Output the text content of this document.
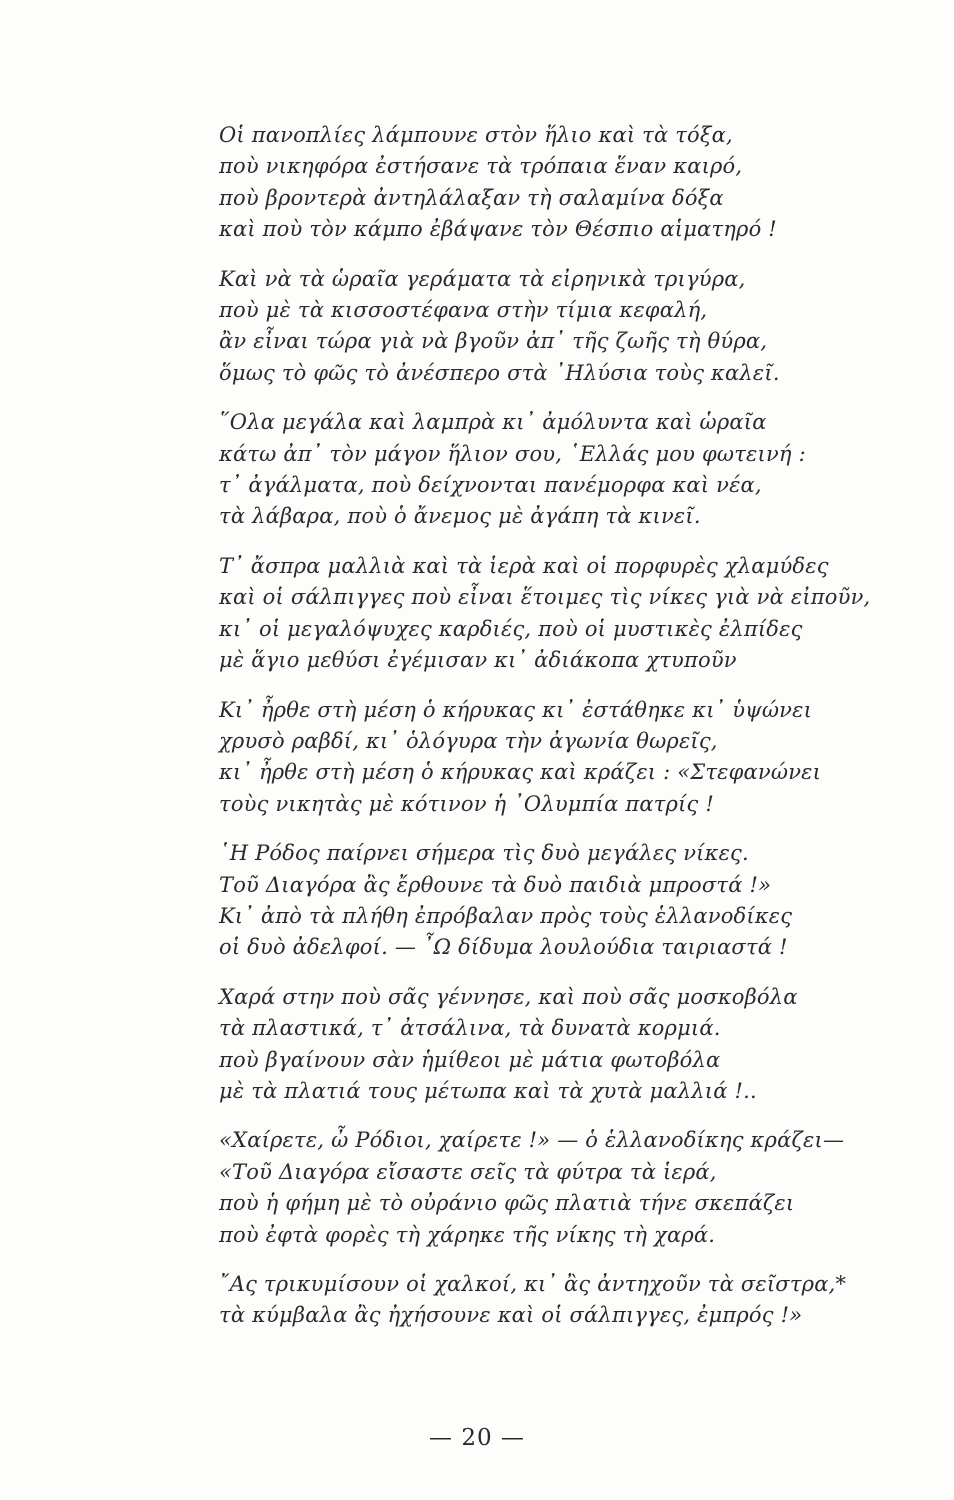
Οἱ πανοπλίες λάμπουνε στὸν ἥλιο καὶ τὰ τόξα,
ποὺ νικηφόρα ἐστήσανε τὰ τρόπαια ἕναν καιρό,
ποὺ βροντερὰ ἀντηλάλαξαν τὴ σαλαμίνα δόξα
καὶ ποὺ τὸν κάμπο ἐβάψανε τὸν Θέσπιο αἱματηρό !
Καὶ νὰ τὰ ὡραῖα γεράματα τὰ εἰρηνικὰ τριγύρα,
ποὺ μὲ τὰ κισσοστέφανα στὴν τίμια κεφαλή,
ἂν εἶναι τώρα γιὰ νὰ βγοῦν ἀπ᾿ τῆς ζωῆς τὴ θύρα,
ὅμως τὸ φῶς τὸ ἀνέσπερο στὰ ᾿Ηλύσια τοὺς καλεῖ.
῞Ολα μεγάλα καὶ λαμπρὰ κι᾿ ἀμόλυντα καὶ ὡραῖα
κάτω ἀπ᾿ τὸν μάγον ἥλιον σου, ῾Ελλάς μου φωτεινή :
τ᾿ ἀγάλματα, ποὺ δείχνονται πανέμορφα καὶ νέα,
τὰ λάβαρα, ποὺ ὁ ἄνεμος μὲ ἀγάπη τὰ κινεῖ.
Τ᾿ ἄσπρα μαλλιὰ καὶ τὰ ἱερὰ καὶ οἱ πορφυρὲς χλαμύδες
καὶ οἱ σάλπιγγες ποὺ εἶναι ἕτοιμες τὶς νίκες γιὰ νὰ εἰποῦν,
κι᾿ οἱ μεγαλόψυχες καρδιές, ποὺ οἱ μυστικὲς ἐλπίδες
μὲ ἅγιο μεθύσι ἐγέμισαν κι᾿ ἀδιάκοπα χτυποῦν
Κι᾿ ἦρθε στὴ μέση ὁ κήρυκας κι᾿ ἐστάθηκε κι᾿ ὑψώνει
χρυσὸ ραβδί, κι᾿ ὁλόγυρα τὴν ἀγωνία θωρεῖς,
κι᾿ ἦρθε στὴ μέση ὁ κήρυκας καὶ κράζει : «Στεφανώνει
τοὺς νικητὰς μὲ κότινον ἡ ᾿Ολυμπία πατρίς !
῾Η Ρόδος παίρνει σήμερα τὶς δυὸ μεγάλες νίκες.
Τοῦ Διαγόρα ἂς ἔρθουνε τὰ δυὸ παιδιὰ μπροστά !»
Κι᾿ ἀπὸ τὰ πλήθη ἐπρόβαλαν πρὸς τοὺς ἑλλανοδίκες
οἱ δυὸ ἀδελφοί. — ῏Ω δίδυμα λουλούδια ταιριαστά !
Χαρά στην ποὺ σᾶς γέννησε, καὶ ποὺ σᾶς μοσκοβόλα
τὰ πλαστικά, τ᾿ ἀτσάλινα, τὰ δυνατὰ κορμιά.
ποὺ βγαίνουν σὰν ἡμίθεοι μὲ μάτια φωτοβόλα
μὲ τὰ πλατιά τους μέτωπα καὶ τὰ χυτὰ μαλλιά !..
«Χαίρετε, ὦ Ρόδιοι, χαίρετε !» — ὁ ἑλλανοδίκης κράζει—
«Τοῦ Διαγόρα εἴσαστε σεῖς τὰ φύτρα τὰ ἱερά,
ποὺ ἡ φήμη μὲ τὸ οὐράνιο φῶς πλατιὰ τήνε σκεπάζει
ποὺ ἐφτὰ φορὲς τὴ χάρηκε τῆς νίκης τὴ χαρά.
῎Ας τρικυμίσουν οἱ χαλκοί, κι᾿ ἂς ἀντηχοῦν τὰ σεῖστρα,*
τὰ κύμβαλα ἂς ἠχήσουνε καὶ οἱ σάλπιγγες, ἐμπρός !»
— 20 —
